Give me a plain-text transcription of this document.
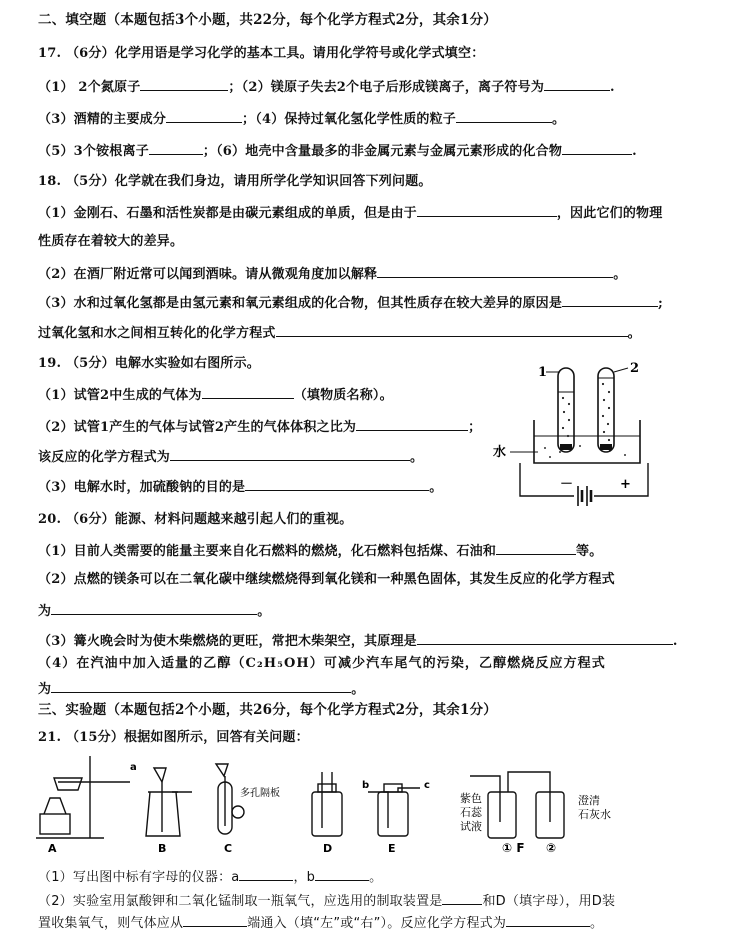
二、填空题（本题包括3个小题，共22分，每个化学方程式2分，其余1分）
17. （6分）化学用语是学习化学的基本工具。请用化学符号或化学式填空：
（1） 2个氮原子	；（2）镁原子失去2个电子后形成镁离子，离子符号为	.
（3）酒精的主要成分	；（4）保持过氧化氢化学性质的粒子	。
（5）3个铵根离子	；（6）地壳中含量最多的非金属元素与金属元素形成的化合物	.
18. （5分）化学就在我们身边，请用所学化学知识回答下列问题。
（1）金刚石、石墨和活性炭都是由碳元素组成的单质，但是由于	，因此它们的物理
性质存在着较大的差异。
（2）在酒厂附近常可以闻到酒味。请从微观角度加以解释	。
（3）水和过氧化氢都是由氢元素和氧元素组成的化合物，但其性质存在较大差异的原因是	;
过氧化氢和水之间相互转化的化学方程式	。
19. （5分）电解水实验如右图所示。
（1）试管2中生成的气体为	（填物质名称）。
（2）试管1产生的气体与试管2产生的气体体积之比为	；
该反应的化学方程式为	。
（3）电解水时，加硫酸钠的目的是	。
1	2
水
－	+
20. （6分）能源、材料问题越来越引起人们的重视。
（1）目前人类需要的能量主要来自化石燃料的燃烧，化石燃料包括煤、石油和	等。
（2）点燃的镁条可以在二氧化碳中继续燃烧得到氧化镁和一种黑色固体，其发生反应的化学方程式
为	。
（3）篝火晚会时为使木柴燃烧的更旺，常把木柴架空，其原理是	.
（4）在汽油中加入适量的乙醇（C₂H₅OH）可减少汽车尾气的污染，乙醇燃烧反应方程式
为	。
三、实验题（本题包括2个小题，共26分，每个化学方程式2分，其余1分）
21. （15分）根据如图所示，回答有关问题：
A
a
B
多孔隔板
C	D
b	c
E
紫色
石蕊
试液
澄清
石灰水
① F ②
（1）写出图中标有字母的仪器：a	，b	。
（2）实验室用氯酸钾和二氧化锰制取一瓶氧气，应选用的制取装置是	和D（填字母），用D装
置收集氧气，则气体应从	端通入（填“左”或“右”）。反应化学方程式为	。
